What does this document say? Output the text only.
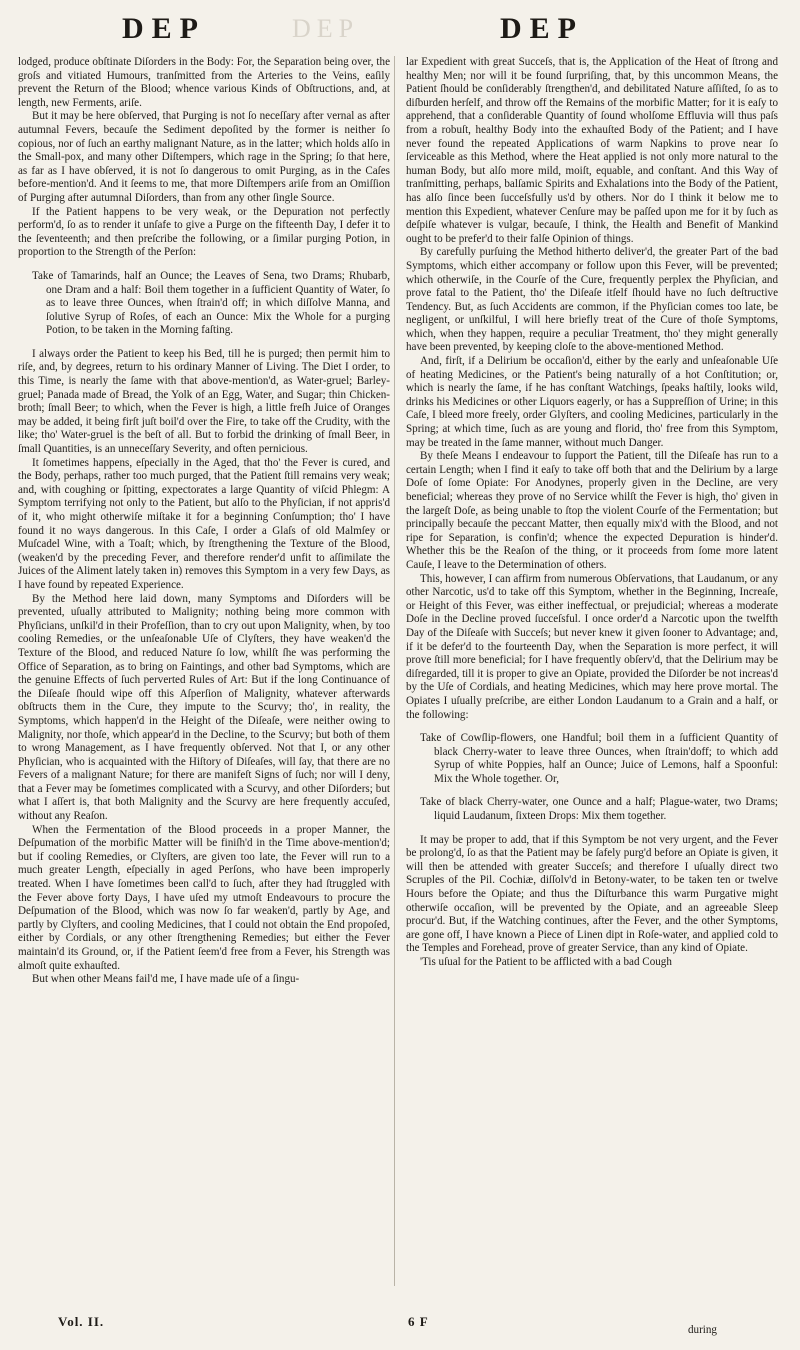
DEP	DEP	DEP

lodged, produce obſtinate Diſorders in the Body: For, the Separation being over, the groſs and vitiated Humours, tranſmitted from the Arteries to the Veins, eaſily prevent the Return of the Blood; whence various Kinds of Obſtructions, and, at length, new Ferments, ariſe.

But it may be here obſerved, that Purging is not ſo neceſſary after vernal as after autumnal Fevers, becauſe the Sediment depoſited by the former is neither ſo copious, nor of ſuch an earthy malignant Nature, as in the latter; which holds alſo in the Small-pox, and many other Diſtempers, which rage in the Spring; ſo that here, as far as I have obſerved, it is not ſo dangerous to omit Purging, as in the Caſes before-mention'd. And it ſeems to me, that more Diſtempers ariſe from an Omiſſion of Purging after autumnal Diſorders, than from any other ſingle Source.

If the Patient happens to be very weak, or the Depuration not perfectly perform'd, ſo as to render it unſafe to give a Purge on the fifteenth Day, I defer it to the ſeventeenth; and then preſcribe the following, or a ſimilar purging Potion, in proportion to the Strength of the Perſon:

Take of Tamarinds, half an Ounce; the Leaves of Sena, two Drams; Rhubarb, one Dram and a half: Boil them together in a ſufficient Quantity of Water, ſo as to leave three Ounces, when ſtrain'd off; in which diſſolve Manna, and ſolutive Syrup of Roſes, of each an Ounce: Mix the Whole for a purging Potion, to be taken in the Morning faſting.

I always order the Patient to keep his Bed, till he is purged; then permit him to riſe, and, by degrees, return to his ordinary Manner of Living. The Diet I order, to this Time, is nearly the ſame with that above-mention'd, as Water-gruel; Barley-gruel; Panada made of Bread, the Yolk of an Egg, Water, and Sugar; thin Chicken-broth; ſmall Beer; to which, when the Fever is high, a little freſh Juice of Oranges may be added, it being firſt juſt boil'd over the Fire, to take off the Crudity, with the like; tho' Water-gruel is the beſt of all. But to forbid the drinking of ſmall Beer, in ſmall Quantities, is an unneceſſary Severity, and often pernicious.

It ſometimes happens, eſpecially in the Aged, that tho' the Fever is cured, and the Body, perhaps, rather too much purged, that the Patient ſtill remains very weak; and, with coughing or ſpitting, expectorates a large Quantity of viſcid Phlegm: A Symptom terrifying not only to the Patient, but alſo to the Phyſician, if not appris'd of it, who might otherwiſe miſtake it for a beginning Conſumption; tho' I have found it no ways dangerous. In this Caſe, I order a Glaſs of old Malmſey or Muſcadel Wine, with a Toaſt; which, by ſtrengthening the Texture of the Blood, (weaken'd by the preceding Fever, and therefore render'd unfit to aſſimilate the Juices of the Aliment lately taken in) removes this Symptom in a very few Days, as I have found by repeated Experience.

By the Method here laid down, many Symptoms and Diſorders will be prevented, uſually attributed to Malignity; nothing being more common with Phyſicians, unſkil'd in their Profeſſion, than to cry out upon Malignity, when, by too cooling Remedies, or the unſeaſonable Uſe of Clyſters, they have weaken'd the Texture of the Blood, and reduced Nature ſo low, whilſt ſhe was performing the Office of Separation, as to bring on Faintings, and other bad Symptoms, which are the genuine Effects of ſuch perverted Rules of Art: But if the long Continuance of the Diſeaſe ſhould wipe off this Aſperſion of Malignity, whatever afterwards obſtructs them in the Cure, they impute to the Scurvy; tho', in reality, the Symptoms, which happen'd in the Height of the Diſeaſe, were neither owing to Malignity, nor thoſe, which appear'd in the Decline, to the Scurvy; but both of them to wrong Management, as I have frequently obſerved. Not that I, or any other Phyſician, who is acquainted with the Hiſtory of Diſeaſes, will ſay, that there are no Fevers of a malignant Nature; for there are manifeſt Signs of ſuch; nor will I deny, that a Fever may be ſometimes complicated with a Scurvy, and other Diſorders; but what I aſſert is, that both Malignity and the Scurvy are here frequently accuſed, without any Reaſon.

When the Fermentation of the Blood proceeds in a proper Manner, the Deſpumation of the morbific Matter will be finiſh'd in the Time above-mention'd; but if cooling Remedies, or Clyſters, are given too late, the Fever will run to a much greater Length, eſpecially in aged Perſons, who have been improperly treated. When I have ſometimes been call'd to ſuch, after they had ſtruggled with the Fever above forty Days, I have uſed my utmoſt Endeavours to procure the Deſpumation of the Blood, which was now ſo far weaken'd, partly by Age, and partly by Clyſters, and cooling Medicines, that I could not obtain the End propoſed, either by Cordials, or any other ſtrengthening Remedies; but either the Fever maintain'd its Ground, or, if the Patient ſeem'd free from a Fever, his Strength was almoſt quite exhauſted.

But when other Means fail'd me, I have made uſe of a ſingu-

lar Expedient with great Succeſs, that is, the Application of the Heat of ſtrong and healthy Men; nor will it be found ſurpriſing, that, by this uncommon Means, the Patient ſhould be conſiderably ſtrengthen'd, and debilitated Nature aſſiſted, ſo as to diſburden herſelf, and throw off the Remains of the morbific Matter; for it is eaſy to apprehend, that a conſiderable Quantity of ſound wholſome Effluvia will thus paſs from a robuſt, healthy Body into the exhauſted Body of the Patient; and I have never found the repeated Applications of warm Napkins to prove near ſo ſerviceable as this Method, where the Heat applied is not only more natural to the human Body, but alſo more mild, moiſt, equable, and conſtant. And this Way of tranſmitting, perhaps, balſamic Spirits and Exhalations into the Body of the Patient, has alſo ſince been ſucceſsfully us'd by others. Nor do I think it below me to mention this Expedient, whatever Cenſure may be paſſed upon me for it by ſuch as deſpiſe whatever is vulgar, becauſe, I think, the Health and Benefit of Mankind ought to be prefer'd to their falſe Opinion of things.

By carefully purſuing the Method hitherto deliver'd, the greater Part of the bad Symptoms, which either accompany or follow upon this Fever, will be prevented; which otherwiſe, in the Courſe of the Cure, frequently perplex the Phyſician, and prove fatal to the Patient, tho' the Diſeaſe itſelf ſhould have no ſuch deſtructive Tendency. But, as ſuch Accidents are common, if the Phyſician comes too late, be negligent, or unſkilful, I will here briefly treat of the Cure of thoſe Symptoms, which, when they happen, require a peculiar Treatment, tho' they might generally have been prevented, by keeping cloſe to the above-mentioned Method.

And, firſt, if a Delirium be occaſion'd, either by the early and unſeaſonable Uſe of heating Medicines, or the Patient's being naturally of a hot Conſtitution; or, which is nearly the ſame, if he has conſtant Watchings, ſpeaks haſtily, looks wild, drinks his Medicines or other Liquors eagerly, or has a Suppreſſion of Urine; in this Caſe, I bleed more freely, order Glyſters, and cooling Medicines, particularly in the Spring; at which time, ſuch as are young and florid, tho' free from this Symptom, may be treated in the ſame manner, without much Danger.

By theſe Means I endeavour to ſupport the Patient, till the Diſeaſe has run to a certain Length; when I find it eaſy to take off both that and the Delirium by a large Doſe of ſome Opiate: For Anodynes, properly given in the Decline, are very beneficial; whereas they prove of no Service whilſt the Fever is high, tho' given in the largeſt Doſe, as being unable to ſtop the violent Courſe of the Fermentation; but principally becauſe the peccant Matter, then equally mix'd with the Blood, and not ripe for Separation, is confin'd; whence the expected Depuration is hinder'd. Whether this be the Reaſon of the thing, or it proceeds from ſome more latent Cauſe, I leave to the Determination of others.

This, however, I can affirm from numerous Obſervations, that Laudanum, or any other Narcotic, us'd to take off this Symptom, whether in the Beginning, Increaſe, or Height of this Fever, was either ineffectual, or prejudicial; whereas a moderate Doſe in the Decline proved ſucceſsful. I once order'd a Narcotic upon the twelfth Day of the Diſeaſe with Succeſs; but never knew it given ſooner to Advantage; and, if it be defer'd to the fourteenth Day, when the Separation is more perfect, it will prove ſtill more beneficial; for I have frequently obſerv'd, that the Delirium may be diſregarded, till it is proper to give an Opiate, provided the Diſorder be not increas'd by the Uſe of Cordials, and heating Medicines, which may here prove mortal. The Opiates I uſually preſcribe, are either London Laudanum to a Grain and a half, or the following:

Take of Cowſlip-flowers, one Handful; boil them in a ſufficient Quantity of black Cherry-water to leave three Ounces, when ſtrain'doff; to which add Syrup of white Poppies, half an Ounce; Juice of Lemons, half a Spoonful: Mix the Whole together. Or,

Take of black Cherry-water, one Ounce and a half; Plague-water, two Drams; liquid Laudanum, ſixteen Drops: Mix them together.

It may be proper to add, that if this Symptom be not very urgent, and the Fever be prolong'd, ſo as that the Patient may be ſafely purg'd before an Opiate is given, it will then be attended with greater Succeſs; and therefore I uſually direct two Scruples of the Pil. Cochiæ, diſſolv'd in Betony-water, to be taken ten or twelve Hours before the Opiate; and thus the Diſturbance this warm Purgative might otherwiſe occaſion, will be prevented by the Opiate, and an agreeable Sleep procur'd. But, if the Watching continues, after the Fever, and the other Symptoms, are gone off, I have known a Piece of Linen dipt in Roſe-water, and applied cold to the Temples and Forehead, prove of greater Service, than any kind of Opiate.

'Tis uſual for the Patient to be afflicted with a bad Cough

Vol. II.	6 F
during
